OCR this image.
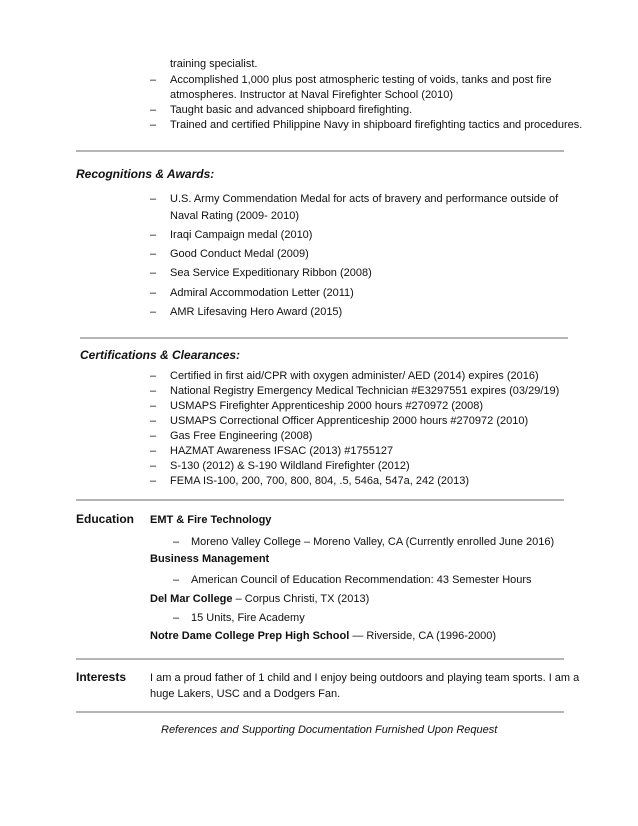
training specialist.
–	Accomplished 1,000 plus post atmospheric testing of voids, tanks and post fire
atmospheres. Instructor at Naval Firefighter School (2010)
–	Taught basic and advanced shipboard firefighting.
–	Trained and certified Philippine Navy in shipboard firefighting tactics and procedures.
Recognitions & Awards:
–	U.S. Army Commendation Medal for acts of bravery and performance outside of
Naval Rating (2009- 2010)
–	Iraqi Campaign medal (2010)
–	Good Conduct Medal (2009)
–	Sea Service Expeditionary Ribbon (2008)
–	Admiral Accommodation Letter (2011)
–	AMR Lifesaving Hero Award (2015)
Certifications & Clearances:
–	Certified in first aid/CPR with oxygen administer/ AED (2014) expires (2016)
–	National Registry Emergency Medical Technician #E3297551 expires (03/29/19)
–	USMAPS Firefighter Apprenticeship 2000 hours #270972 (2008)
–	USMAPS Correctional Officer Apprenticeship 2000 hours #270972 (2010)
–	Gas Free Engineering (2008)
–	HAZMAT Awareness IFSAC (2013) #1755127
–	S-130 (2012) & S-190 Wildland Firefighter (2012)
–	FEMA IS-100, 200, 700, 800, 804, .5, 546a, 547a, 242 (2013)
Education EMT & Fire Technology
–	Moreno Valley College – Moreno Valley, CA (Currently enrolled June 2016)
Business Management
–	American Council of Education Recommendation: 43 Semester Hours
Del Mar College – Corpus Christi, TX (2013)
–	15 Units, Fire Academy
Notre Dame College Prep High School — Riverside, CA (1996-2000)
Interests I am a proud father of 1 child and I enjoy being outdoors and playing team sports. I am a
huge Lakers, USC and a Dodgers Fan.
References and Supporting Documentation Furnished Upon Request
